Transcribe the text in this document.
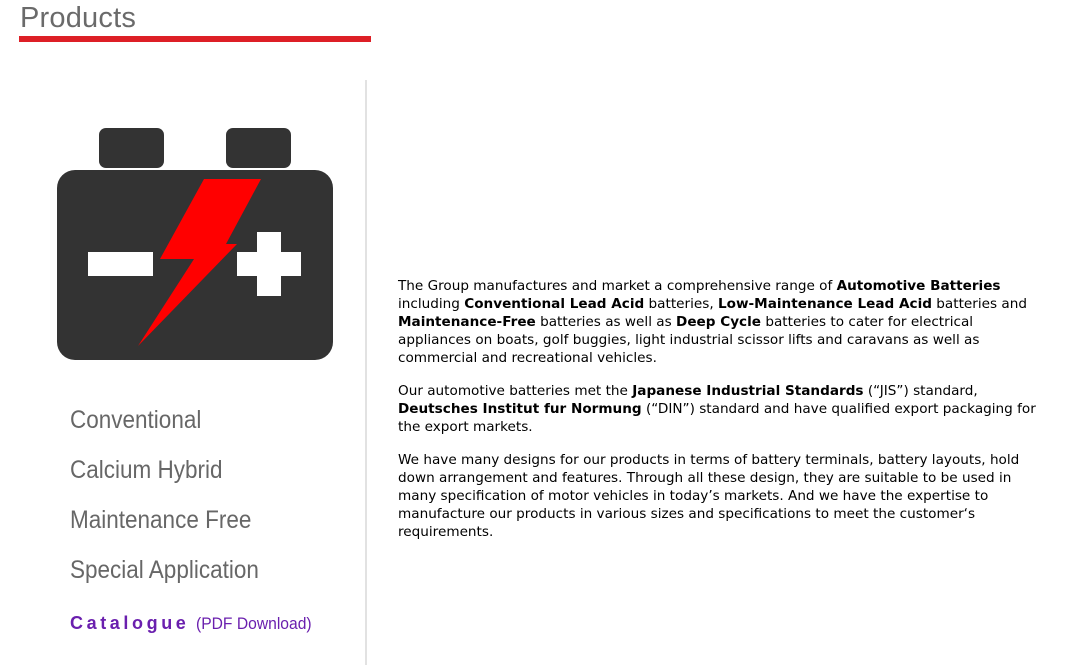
Products
Conventional
Calcium Hybrid
Maintenance Free
Special Application
Catalogue (PDF Download)

The Group manufactures and market a comprehensive range of Automotive Batteries including Conventional Lead Acid batteries, Low-Maintenance Lead Acid batteries and Maintenance-Free batteries as well as Deep Cycle batteries to cater for electrical appliances on boats, golf buggies, light industrial scissor lifts and caravans as well as commercial and recreational vehicles.

Our automotive batteries met the Japanese Industrial Standards (“JIS”) standard, Deutsches Institut fur Normung (“DIN”) standard and have qualified export packaging for the export markets.

We have many designs for our products in terms of battery terminals, battery layouts, hold down arrangement and features. Through all these design, they are suitable to be used in many specification of motor vehicles in today’s markets. And we have the expertise to manufacture our products in various sizes and specifications to meet the customer‘s requirements.
